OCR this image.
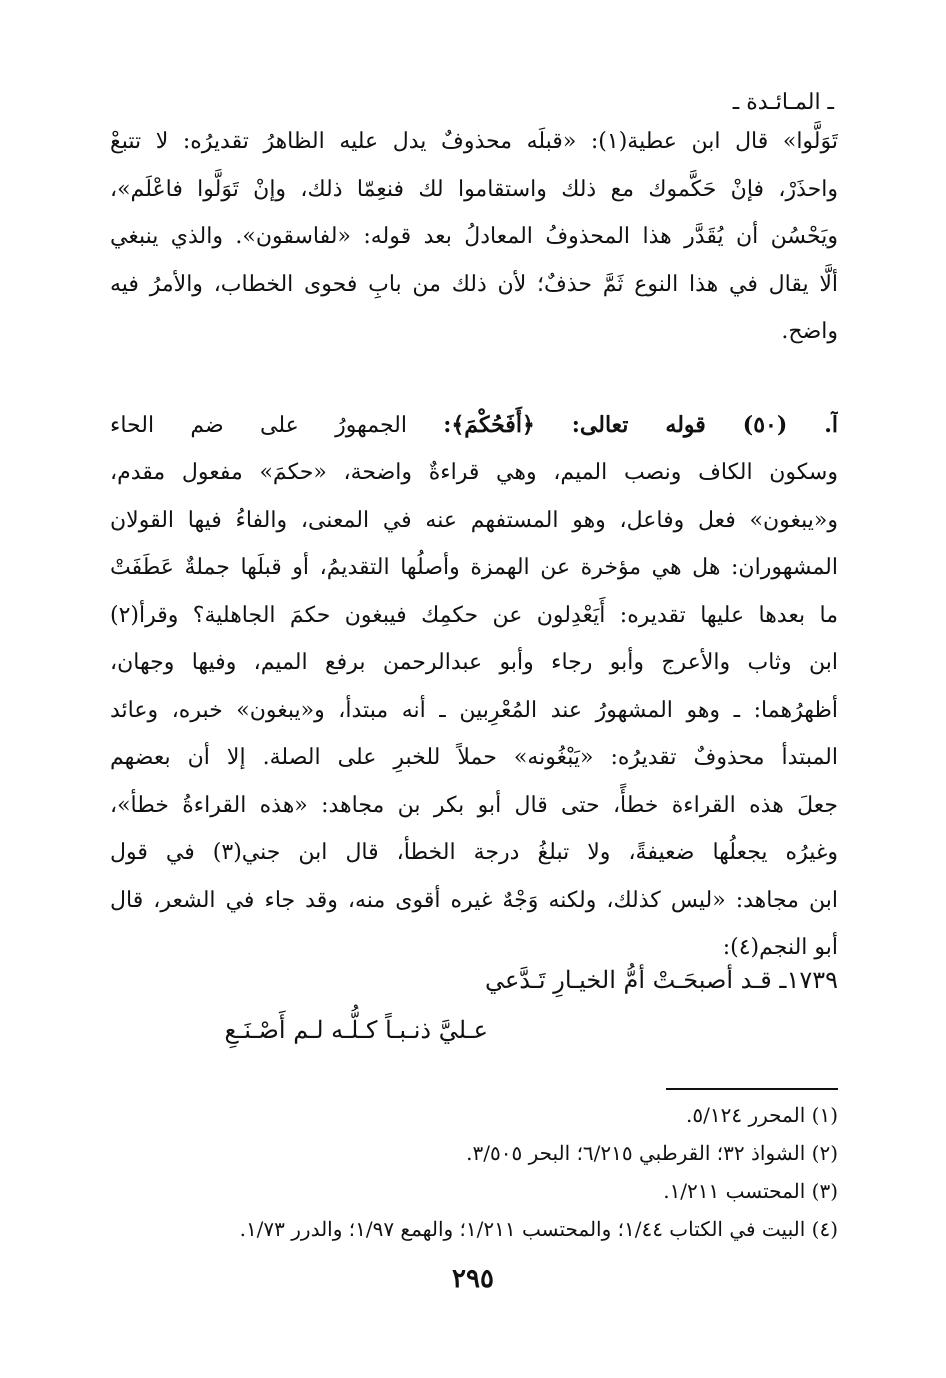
ـ المـائـدة ـ
تَوَلَّوا» قال ابن عطية(١): «قبلَه محذوفٌ يدل عليه الظاهرُ تقديرُه: لا تتبعْ
واحذَرْ، فإنْ حَكَّموك مع ذلك واستقاموا لك فنعِمّا ذلك، وإنْ تَوَلَّوا فاعْلَم»،
ويَحْسُن أن يُقَدَّر هذا المحذوفُ المعادلُ بعد قوله: «لفاسقون». والذي ينبغي
ألَّا يقال في هذا النوع ثَمَّ حذفٌ؛ لأن ذلك من بابِ فحوى الخطاب، والأمرُ فيه
واضح.
آ. (٥٠) قوله تعالى: ﴿أَفَحُكْمَ﴾: الجمهورُ على ضم الحاء
وسكون الكاف ونصب الميم، وهي قراءةٌ واضحة، «حكمَ» مفعول مقدم،
و«يبغون» فعل وفاعل، وهو المستفهم عنه في المعنى، والفاءُ فيها القولان
المشهوران: هل هي مؤخرة عن الهمزة وأصلُها التقديمُ، أو قبلَها جملةٌ عَطَفَتْ
ما بعدها عليها تقديره: أَيَعْدِلون عن حكمِك فيبغون حكمَ الجاهلية؟ وقرأ(٢)
ابن وثاب والأعرج وأبو رجاء وأبو عبدالرحمن برفع الميم، وفيها وجهان،
أظهرُهما: ـ وهو المشهورُ عند المُعْرِبين ـ أنه مبتدأ، و«يبغون» خبره، وعائد
المبتدأ محذوفٌ تقديرُه: «يَبْغُونه» حملاً للخبرِ على الصلة. إلا أن بعضهم
جعلَ هذه القراءة خطأً، حتى قال أبو بكر بن مجاهد: «هذه القراءةُ خطأ»،
وغيرُه يجعلُها ضعيفةً، ولا تبلغُ درجة الخطأ، قال ابن جني(٣) في قول
ابن مجاهد: «ليس كذلك، ولكنه وَجْهٌ غيره أقوى منه، وقد جاء في الشعر، قال
أبو النجم(٤):
١٧٣٩ـ قـد أصبحَـتْ أمُّ الخيـارِ تَـدَّعي
عـليَّ ذنـبـاً كـلُّـه لـم أَصْـنَـعِ
(١) المحرر ٥/١٢٤.
(٢) الشواذ ٣٢؛ القرطبي ٦/٢١٥؛ البحر ٣/٥٠٥.
(٣) المحتسب ١/٢١١.
(٤) البيت في الكتاب ١/٤٤؛ والمحتسب ١/٢١١؛ والهمع ١/٩٧؛ والدرر ١/٧٣.
٢٩٥
